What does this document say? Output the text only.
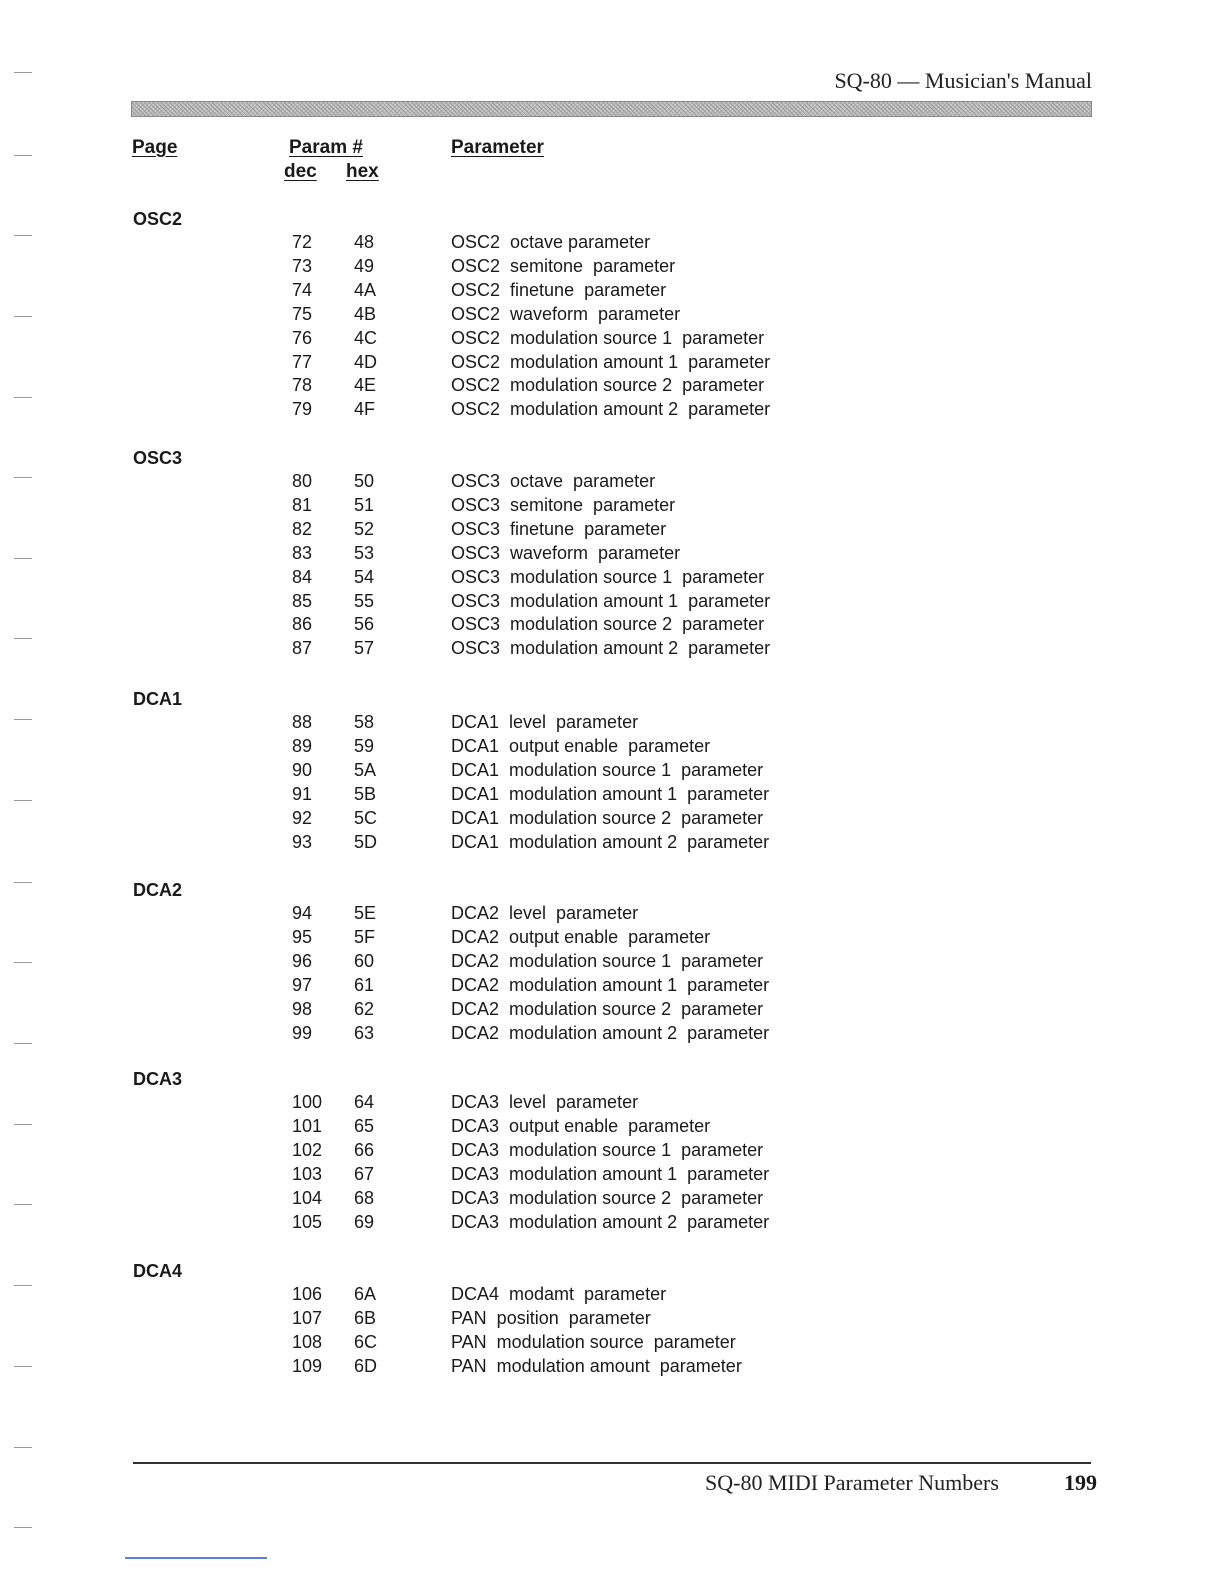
SQ-80 — Musician's Manual
Page	Param #
dec hex
Parameter
OSC2
72 48	OSC2  octave parameter
73 49	OSC2  semitone  parameter
74 4A	OSC2  finetune  parameter
75 4B	OSC2  waveform  parameter
76 4C	OSC2  modulation source 1  parameter
77 4D	OSC2  modulation amount 1  parameter
78 4E	OSC2  modulation source 2  parameter
79 4F	OSC2  modulation amount 2  parameter
OSC3
80 50	OSC3  octave  parameter
81 51	OSC3  semitone  parameter
82 52	OSC3  finetune  parameter
83 53	OSC3  waveform  parameter
84 54	OSC3  modulation source 1  parameter
85 55	OSC3  modulation amount 1  parameter
86 56	OSC3  modulation source 2  parameter
87 57	OSC3  modulation amount 2  parameter
DCA1
88 58	DCA1  level  parameter
89 59	DCA1  output enable  parameter
90 5A	DCA1  modulation source 1  parameter
91 5B	DCA1  modulation amount 1  parameter
92 5C	DCA1  modulation source 2  parameter
93 5D	DCA1  modulation amount 2  parameter
DCA2
94 5E	DCA2  level  parameter
95 5F	DCA2  output enable  parameter
96 60	DCA2  modulation source 1  parameter
97 61	DCA2  modulation amount 1  parameter
98 62	DCA2  modulation source 2  parameter
99 63	DCA2  modulation amount 2  parameter
DCA3
100 64	DCA3  level  parameter
101 65	DCA3  output enable  parameter
102 66	DCA3  modulation source 1  parameter
103 67	DCA3  modulation amount 1  parameter
104 68	DCA3  modulation source 2  parameter
105 69	DCA3  modulation amount 2  parameter
DCA4
106 6A	DCA4  modamt  parameter
107 6B	PAN  position  parameter
108 6C	PAN  modulation source  parameter
109 6D	PAN  modulation amount  parameter
SQ-80 MIDI Parameter Numbers	199
